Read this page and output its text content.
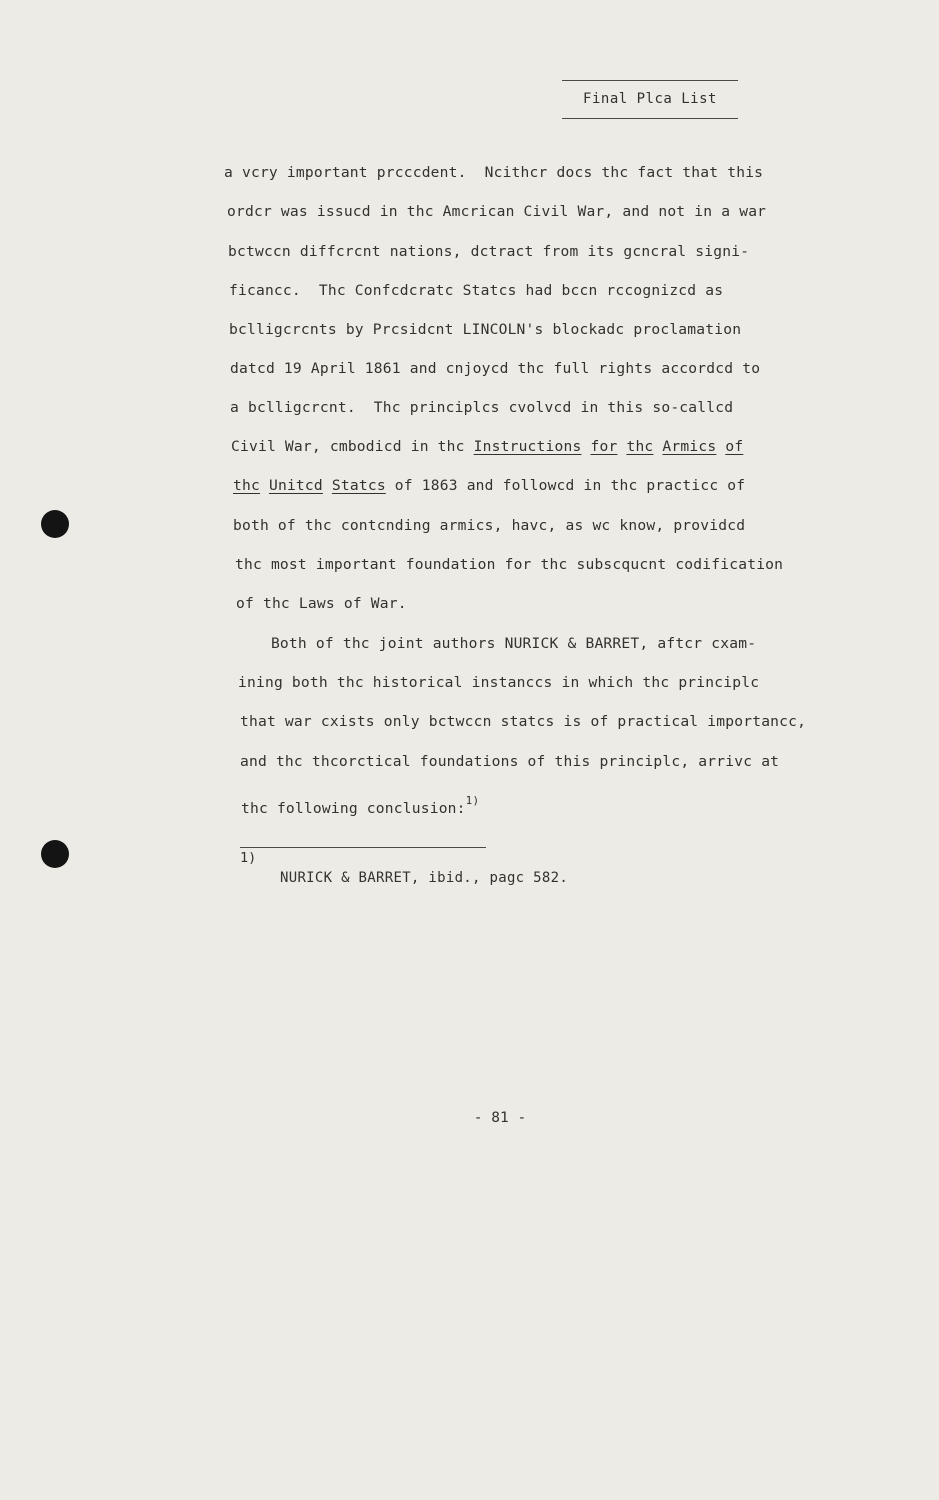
Final Plca List
a vcry important prcccdent.  Ncithcr docs thc fact that this
ordcr was issucd in thc Amcrican Civil War, and not in a war
bctwccn diffcrcnt nations, dctract from its gcncral signi-
ficancc.  Thc Confcdcratc Statcs had bccn rccognizcd as
bclligcrcnts by Prcsidcnt LINCOLN's blockadc proclamation
datcd 19 April 1861 and cnjoycd thc full rights accordcd to
a bclligcrcnt.  Thc principlcs cvolvcd in this so-callcd
Civil War, cmbodicd in thc Instructions for thc Armics of
thc Unitcd Statcs of 1863 and followcd in thc practicc of
both of thc contcnding armics, havc, as wc know, providcd
thc most important foundation for thc subscqucnt codification
of thc Laws of War.
Both of thc joint authors NURICK & BARRET, aftcr cxam-
ining both thc historical instanccs in which thc principlc
that war cxists only bctwccn statcs is of practical importancc,
and thc thcorctical foundations of this principlc, arrivc at
thc following conclusion:$^{1)}$
1)
NURICK & BARRET, ibid., pagc 582.
- 81 -
